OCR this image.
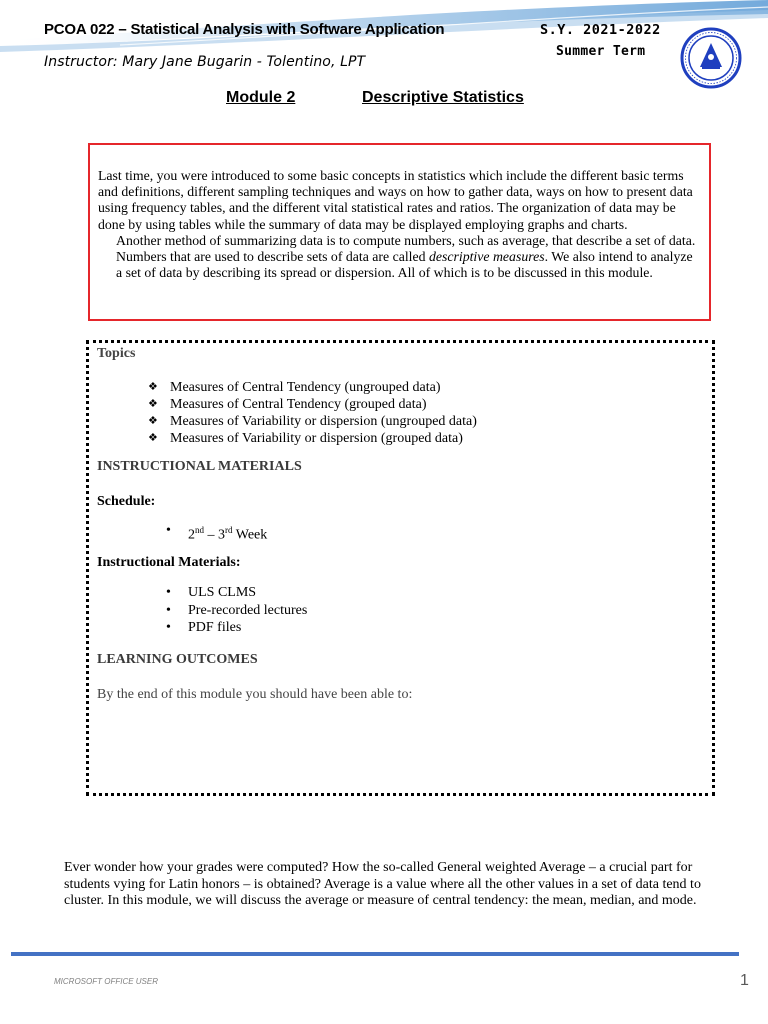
PCOA 022 – Statistical Analysis with Software Application	S.Y. 2021-2022
Summer Term
Instructor: Mary Jane Bugarin - Tolentino, LPT
Module 2	Descriptive Statistics

Last time, you were introduced to some basic concepts in statistics which include the different basic terms and definitions, different sampling techniques and ways on how to gather data, ways on how to present data using frequency tables, and the different vital statistical rates and ratios. The organization of data may be done by using tables while the summary of data may be displayed employing graphs and charts.

Another method of summarizing data is to compute numbers, such as average, that describe a set of data. Numbers that are used to describe sets of data are called descriptive measures. We also intend to analyze a set of data by describing its spread or dispersion. All of which is to be discussed in this module.

Topics
❖ Measures of Central Tendency (ungrouped data)
❖ Measures of Central Tendency (grouped data)
❖ Measures of Variability or dispersion (ungrouped data)
❖ Measures of Variability or dispersion (grouped data)
INSTRUCTIONAL MATERIALS
Schedule:
•	2nd – 3rd Week
Instructional Materials:
•	ULS CLMS
•	Pre-recorded lectures
•	PDF files
LEARNING OUTCOMES
By the end of this module you should have been able to:
Ever wonder how your grades were computed? How the so-called General weighted Average – a crucial part for students vying for Latin honors – is obtained? Average is a value where all the other values in a set of data tend to cluster. In this module, we will discuss the average or measure of central tendency: the mean, median, and mode.
MICROSOFT OFFICE USER	1
